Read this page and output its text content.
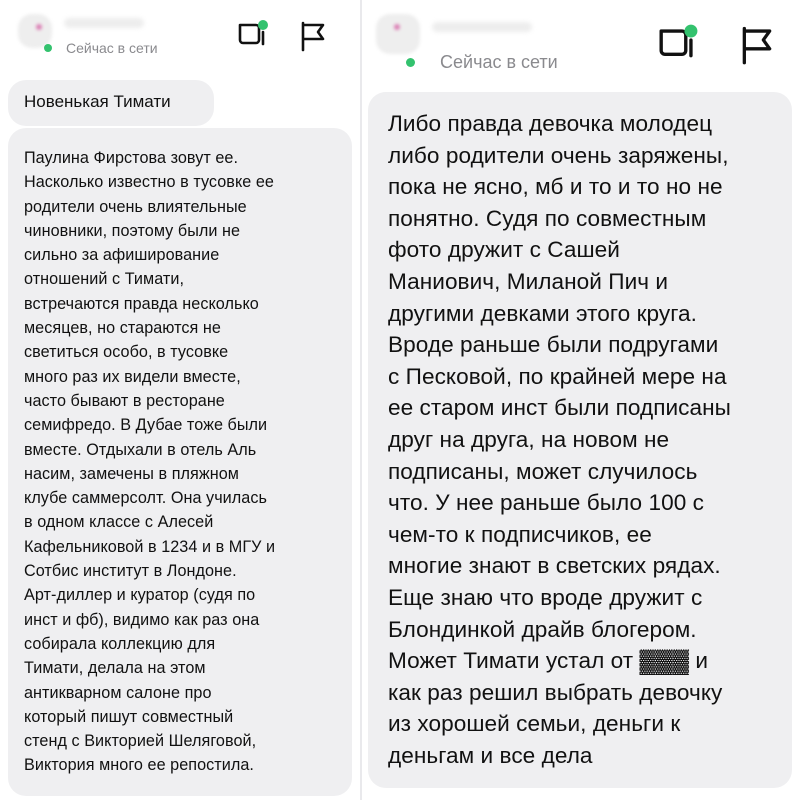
Сейчас в сети
Новенькая Тимати
Паулина Фирстова зовут ее.
Насколько известно в тусовке ее
родители очень влиятельные
чиновники, поэтому были не
сильно за афиширование
отношений с Тимати,
встречаются правда несколько
месяцев, но стараются не
светиться особо, в тусовке
много раз их видели вместе,
часто бывают в ресторане
семифредо. В Дубае тоже были
вместе. Отдыхали в отель Аль
насим, замечены в пляжном
клубе саммерсолт. Она училась
в одном классе с Алесей
Кафельниковой в 1234 и в МГУ и
Сотбис институт в Лондоне.
Арт-диллер и куратор (судя по
инст и фб), видимо как раз она
собирала коллекцию для
Тимати, делала на этом
антикварном салоне про
который пишут совместный
стенд с Викторией Шеляговой,
Виктория много ее репостила.
Сейчас в сети
Либо правда девочка молодец
либо родители очень заряжены,
пока не ясно, мб и то и то но не
понятно. Судя по совместным
фото дружит с Сашей
Маниович, Миланой Пич и
другими девками этого круга.
Вроде раньше были подругами
с Песковой, по крайней мере на
ее старом инст были подписаны
друг на друга, на новом не
подписаны, может случилось
что. У нее раньше было 100 с
чем-то к подписчиков, ее
многие знают в светских рядах.
Еще знаю что вроде дружит с
Блондинкой драйв блогером.
Может Тимати устал от ▓▓▓ и
как раз решил выбрать девочку
из хорошей семьи, деньги к
деньгам и все дела
